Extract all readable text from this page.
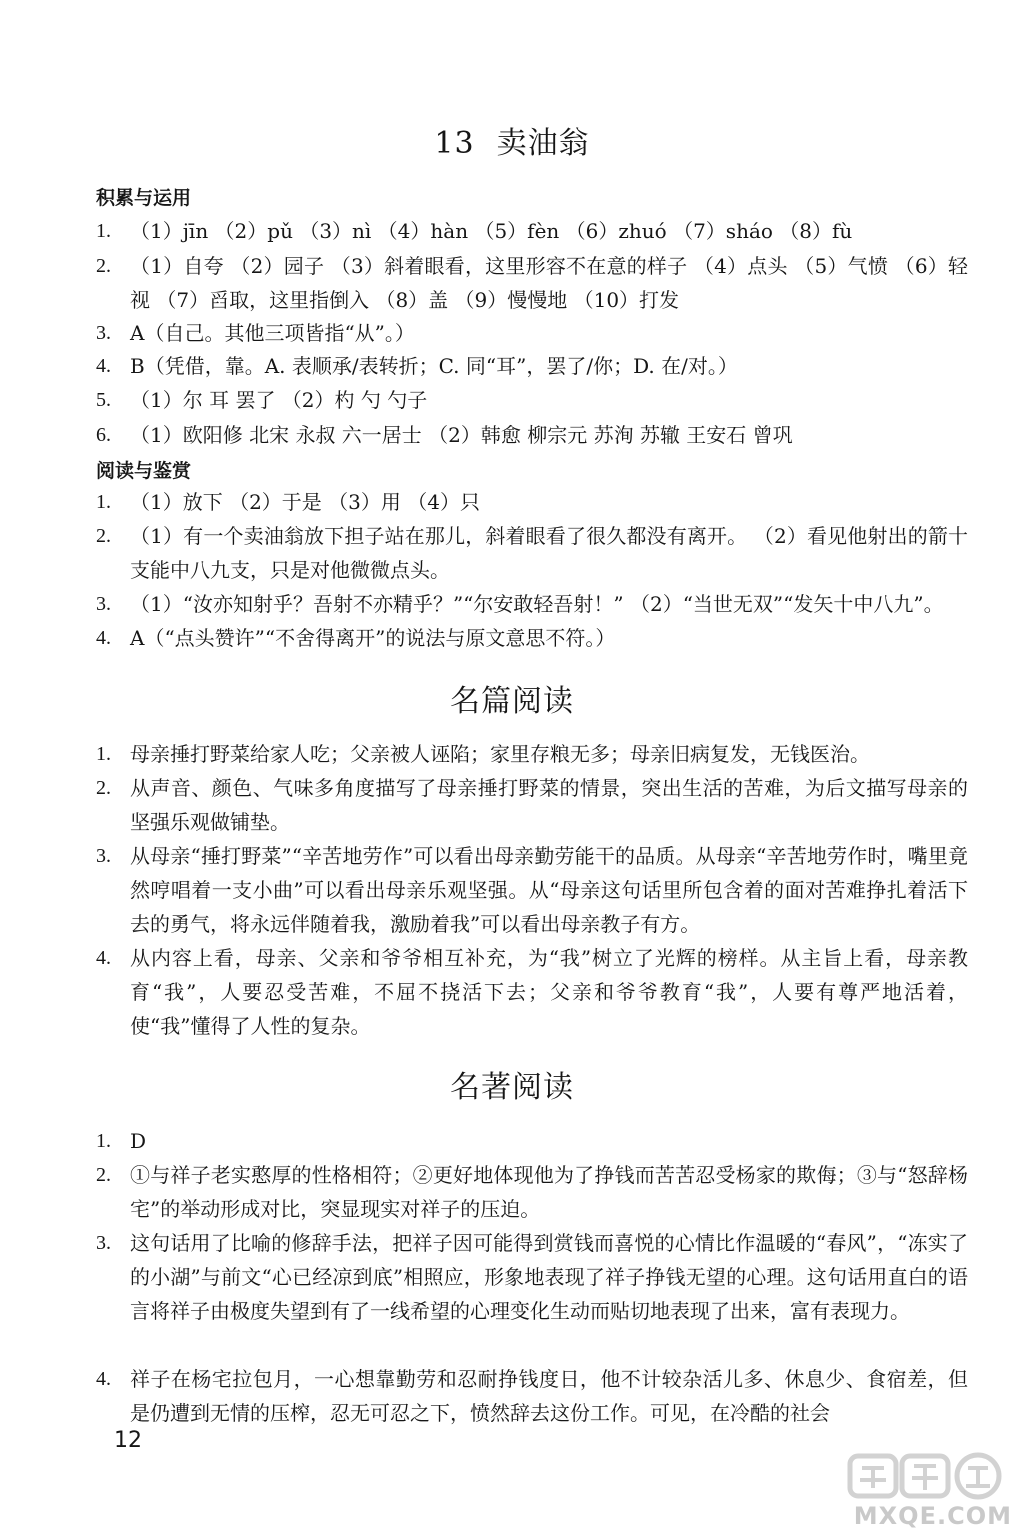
13 卖油翁
积累与运用
1. （1）jīn （2）pǔ （3）nì （4）hàn （5）fèn （6）zhuó （7）sháo （8）fù
2. （1）自夸 （2）园子 （3）斜着眼看，这里形容不在意的样子 （4）点头 （5）气愤 （6）轻视 （7）舀取，这里指倒入 （8）盖 （9）慢慢地 （10）打发
3. A（自己。其他三项皆指“从”。）
4. B（凭借，靠。A. 表顺承/表转折；C. 同“耳”，罢了/你；D. 在/对。）
5. （1）尔 耳 罢了 （2）杓 勺 勺子
6. （1）欧阳修 北宋 永叔 六一居士 （2）韩愈 柳宗元 苏洵 苏辙 王安石 曾巩
阅读与鉴赏
1. （1）放下 （2）于是 （3）用 （4）只
2. （1）有一个卖油翁放下担子站在那儿，斜着眼看了很久都没有离开。 （2）看见他射出的箭十支能中八九支，只是对他微微点头。
3. （1）“汝亦知射乎？吾射不亦精乎？”“尔安敢轻吾射！” （2）“当世无双”“发矢十中八九”。
4. A（“点头赞许”“不舍得离开”的说法与原文意思不符。）
名篇阅读
1. 母亲捶打野菜给家人吃；父亲被人诬陷；家里存粮无多；母亲旧病复发，无钱医治。
2. 从声音、颜色、气味多角度描写了母亲捶打野菜的情景，突出生活的苦难，为后文描写母亲的坚强乐观做铺垫。
3. 从母亲“捶打野菜”“辛苦地劳作”可以看出母亲勤劳能干的品质。从母亲“辛苦地劳作时，嘴里竟然哼唱着一支小曲”可以看出母亲乐观坚强。从“母亲这句话里所包含着的面对苦难挣扎着活下去的勇气，将永远伴随着我，激励着我”可以看出母亲教子有方。
4. 从内容上看，母亲、父亲和爷爷相互补充，为“我”树立了光辉的榜样。从主旨上看，母亲教育“我”，人要忍受苦难，不屈不挠活下去；父亲和爷爷教育“我”，人要有尊严地活着，使“我”懂得了人性的复杂。
名著阅读
1. D
2. ①与祥子老实憨厚的性格相符；②更好地体现他为了挣钱而苦苦忍受杨家的欺侮；③与“怒辞杨宅”的举动形成对比，突显现实对祥子的压迫。
3. 这句话用了比喻的修辞手法，把祥子因可能得到赏钱而喜悦的心情比作温暖的“春风”，“冻实了的小湖”与前文“心已经凉到底”相照应，形象地表现了祥子挣钱无望的心理。这句话用直白的语言将祥子由极度失望到有了一线希望的心理变化生动而贴切地表现了出来，富有表现力。
4. 祥子在杨宅拉包月，一心想靠勤劳和忍耐挣钱度日，他不计较杂活儿多、休息少、食宿差，但是仍遭到无情的压榨，忍无可忍之下，愤然辞去这份工作。可见，在冷酷的社会
12
MXQE.COM
